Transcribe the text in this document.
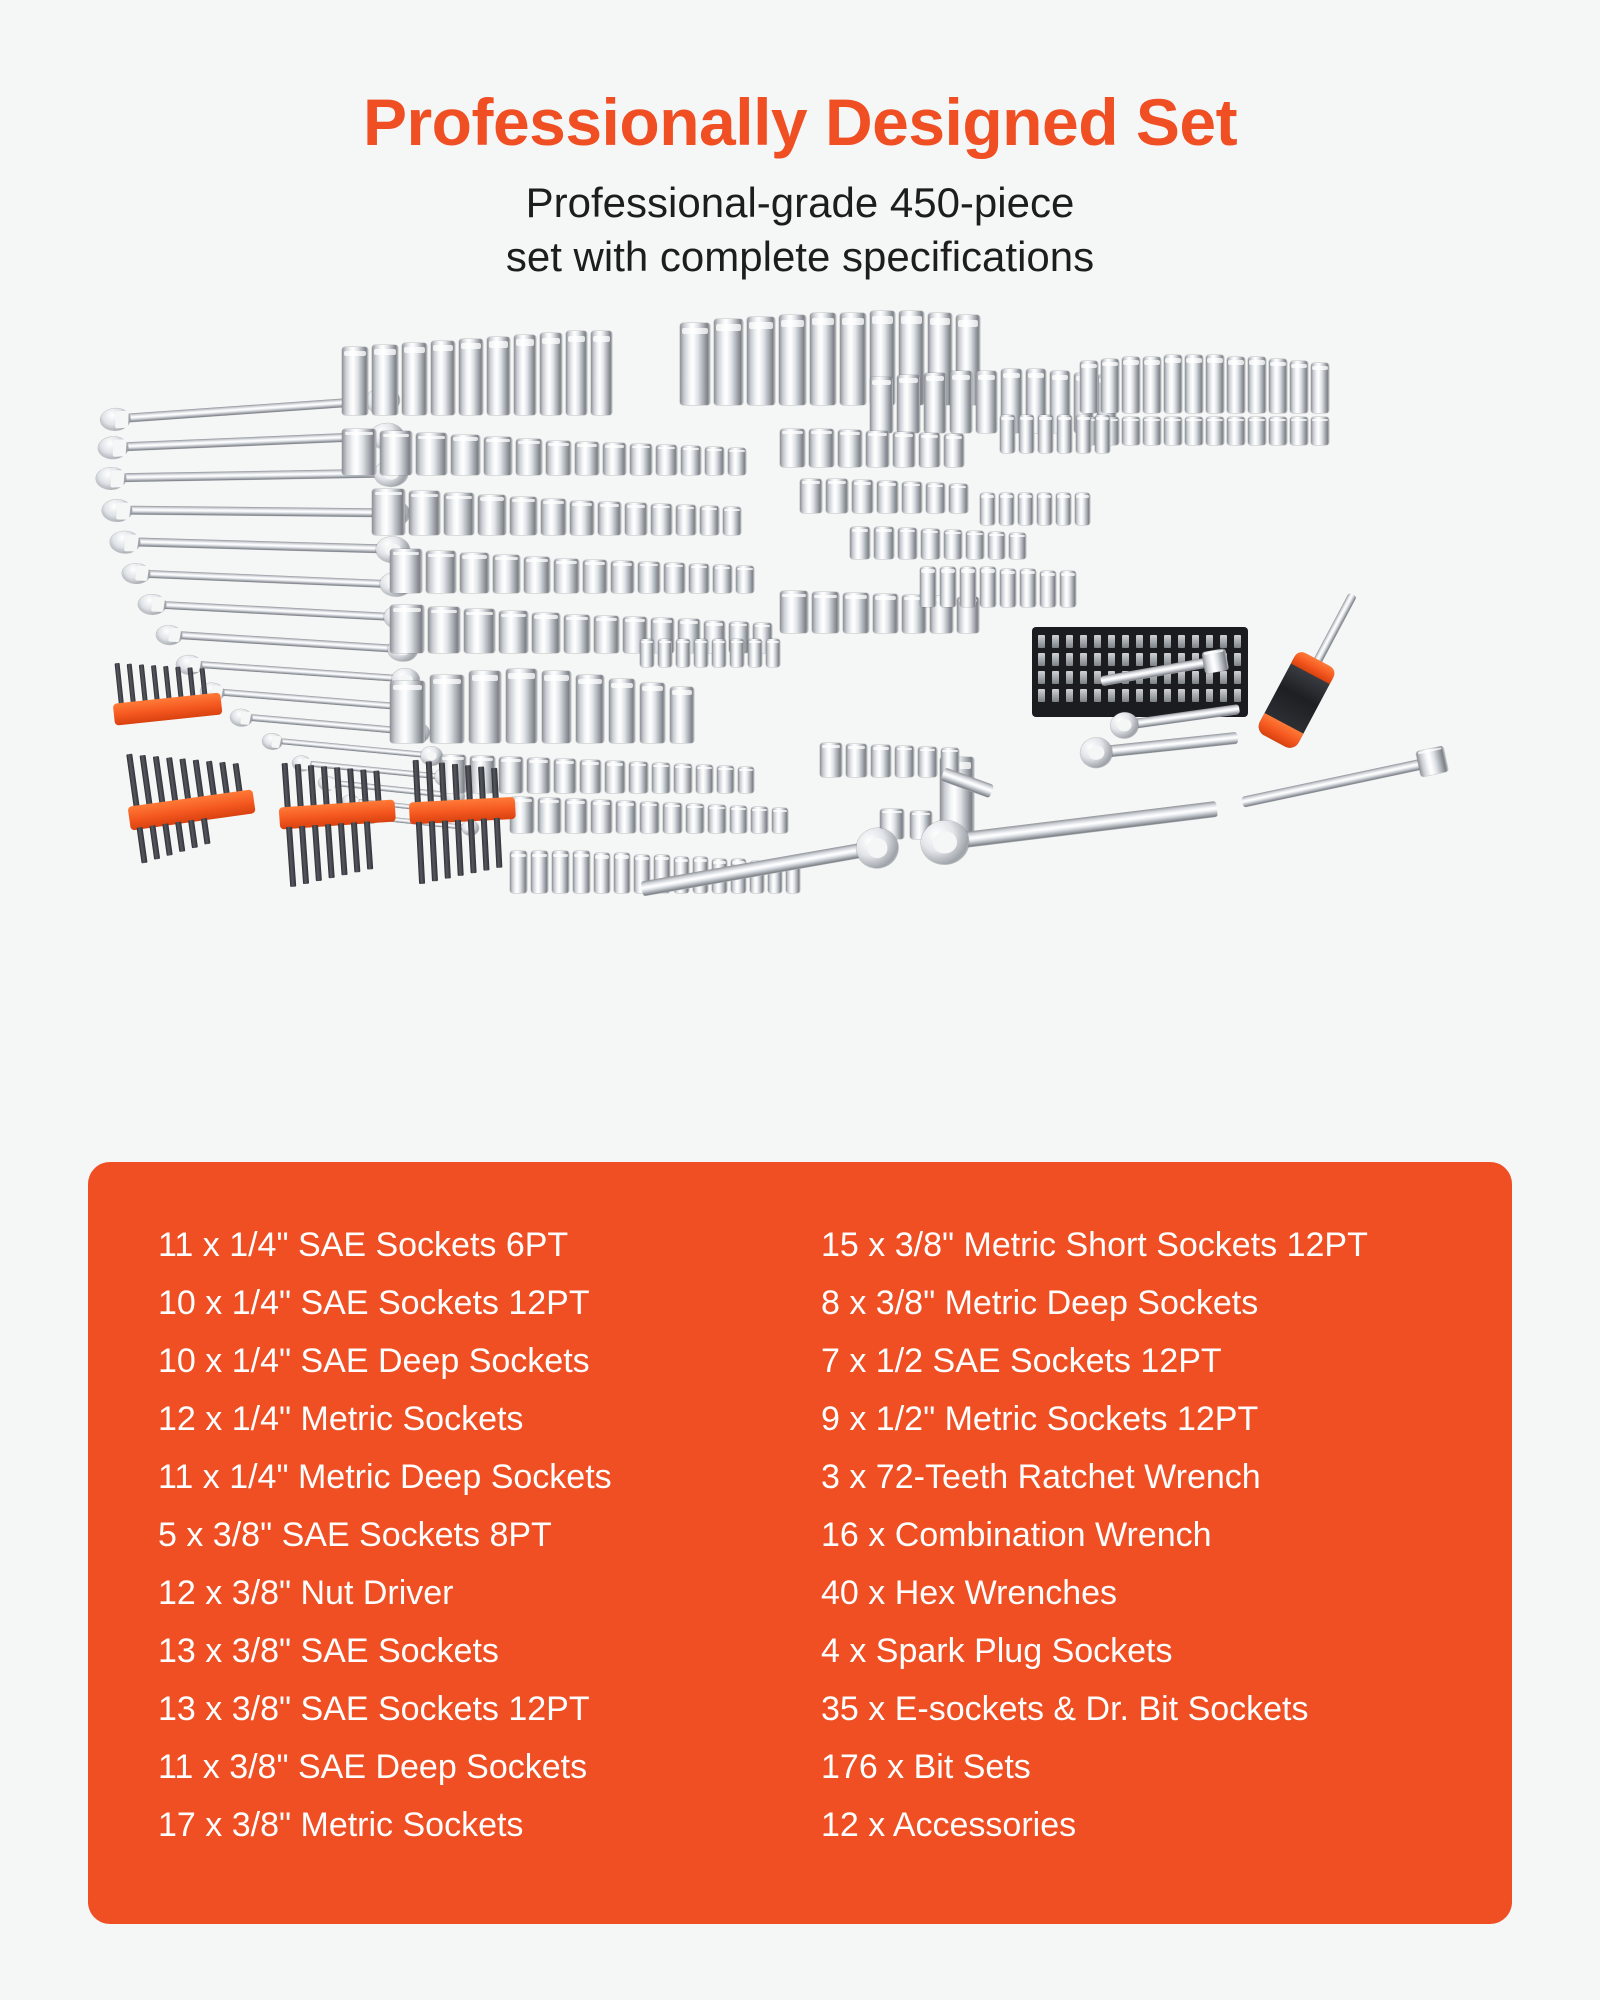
Professionally Designed Set
Professional-grade 450-piece
set with complete specifications
11 x 1/4" SAE Sockets 6PT
10 x 1/4" SAE Sockets 12PT
10 x 1/4" SAE Deep Sockets
12 x 1/4" Metric Sockets
11 x 1/4" Metric Deep Sockets
5 x 3/8" SAE Sockets 8PT
12 x 3/8" Nut Driver
13 x 3/8" SAE Sockets
13 x 3/8" SAE Sockets 12PT
11 x 3/8" SAE Deep Sockets
17 x 3/8" Metric Sockets
15 x 3/8" Metric Short Sockets 12PT
8 x 3/8" Metric Deep Sockets
7 x 1/2 SAE Sockets 12PT
9 x 1/2" Metric Sockets 12PT
3 x 72-Teeth Ratchet Wrench
16 x Combination Wrench
40 x Hex Wrenches
4 x Spark Plug Sockets
35 x E-sockets & Dr. Bit Sockets
176 x Bit Sets
12 x Accessories
